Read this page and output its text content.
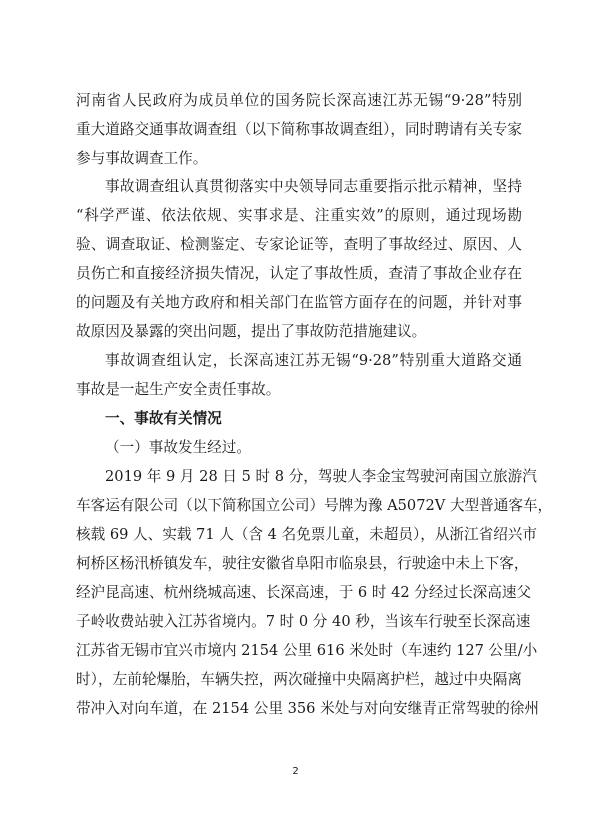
河南省人民政府为成员单位的国务院长深高速江苏无锡“9·28”特别
重大道路交通事故调查组（以下简称事故调查组），同时聘请有关专家
参与事故调查工作。
事故调查组认真贯彻落实中央领导同志重要指示批示精神，坚持
“科学严谨、依法依规、实事求是、注重实效”的原则，通过现场勘
验、调查取证、检测鉴定、专家论证等，查明了事故经过、原因、人
员伤亡和直接经济损失情况，认定了事故性质，查清了事故企业存在
的问题及有关地方政府和相关部门在监管方面存在的问题，并针对事
故原因及暴露的突出问题，提出了事故防范措施建议。
事故调查组认定，长深高速江苏无锡“9·28”特别重大道路交通
事故是一起生产安全责任事故。
一、事故有关情况
（一）事故发生经过。
2019 年 9 月 28 日 5 时 8 分，驾驶人李金宝驾驶河南国立旅游汽
车客运有限公司（以下简称国立公司）号牌为豫 A5072V 大型普通客车，
核载 69 人、实载 71 人（含 4 名免票儿童，未超员），从浙江省绍兴市
柯桥区杨汛桥镇发车，驶往安徽省阜阳市临泉县，行驶途中未上下客，
经沪昆高速、杭州绕城高速、长深高速，于 6 时 42 分经过长深高速父
子岭收费站驶入江苏省境内。7 时 0 分 40 秒，当该车行驶至长深高速
江苏省无锡市宜兴市境内 2154 公里 616 米处时（车速约 127 公里/小
时），左前轮爆胎，车辆失控，两次碰撞中央隔离护栏，越过中央隔离
带冲入对向车道，在 2154 公里 356 米处与对向安继青正常驾驶的徐州
2
